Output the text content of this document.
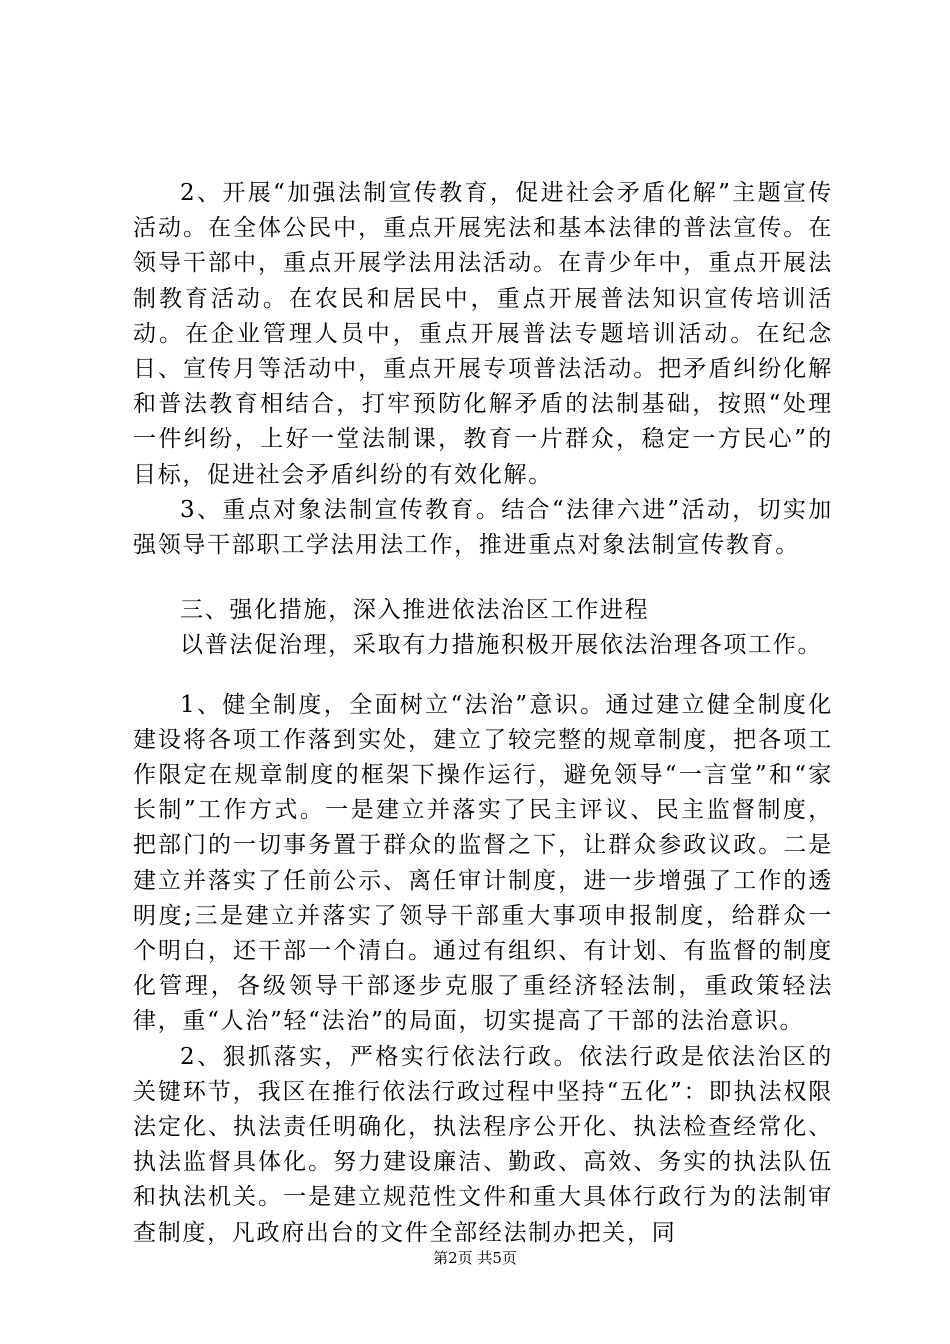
2、开展“加强法制宣传教育，促进社会矛盾化解”主题宣传活动。在全体公民中，重点开展宪法和基本法律的普法宣传。在领导干部中，重点开展学法用法活动。在青少年中，重点开展法制教育活动。在农民和居民中，重点开展普法知识宣传培训活动。在企业管理人员中，重点开展普法专题培训活动。在纪念日、宣传月等活动中，重点开展专项普法活动。把矛盾纠纷化解和普法教育相结合，打牢预防化解矛盾的法制基础，按照“处理一件纠纷，上好一堂法制课，教育一片群众，稳定一方民心”的目标，促进社会矛盾纠纷的有效化解。

3、重点对象法制宣传教育。结合“法律六进”活动，切实加强领导干部职工学法用法工作，推进重点对象法制宣传教育。

三、强化措施，深入推进依法治区工作进程

以普法促治理，采取有力措施积极开展依法治理各项工作。

1、健全制度，全面树立“法治”意识。通过建立健全制度化建设将各项工作落到实处，建立了较完整的规章制度，把各项工作限定在规章制度的框架下操作运行，避免领导“一言堂”和“家长制”工作方式。一是建立并落实了民主评议、民主监督制度，把部门的一切事务置于群众的监督之下，让群众参政议政。二是建立并落实了任前公示、离任审计制度，进一步增强了工作的透明度;三是建立并落实了领导干部重大事项申报制度，给群众一个明白，还干部一个清白。通过有组织、有计划、有监督的制度化管理，各级领导干部逐步克服了重经济轻法制，重政策轻法律，重“人治”轻“法治”的局面，切实提高了干部的法治意识。

2、狠抓落实，严格实行依法行政。依法行政是依法治区的关键环节，我区在推行依法行政过程中坚持“五化”：即执法权限法定化、执法责任明确化，执法程序公开化、执法检查经常化、执法监督具体化。努力建设廉洁、勤政、高效、务实的执法队伍和执法机关。一是建立规范性文件和重大具体行政行为的法制审查制度，凡政府出台的文件全部经法制办把关，同

第2页 共5页
